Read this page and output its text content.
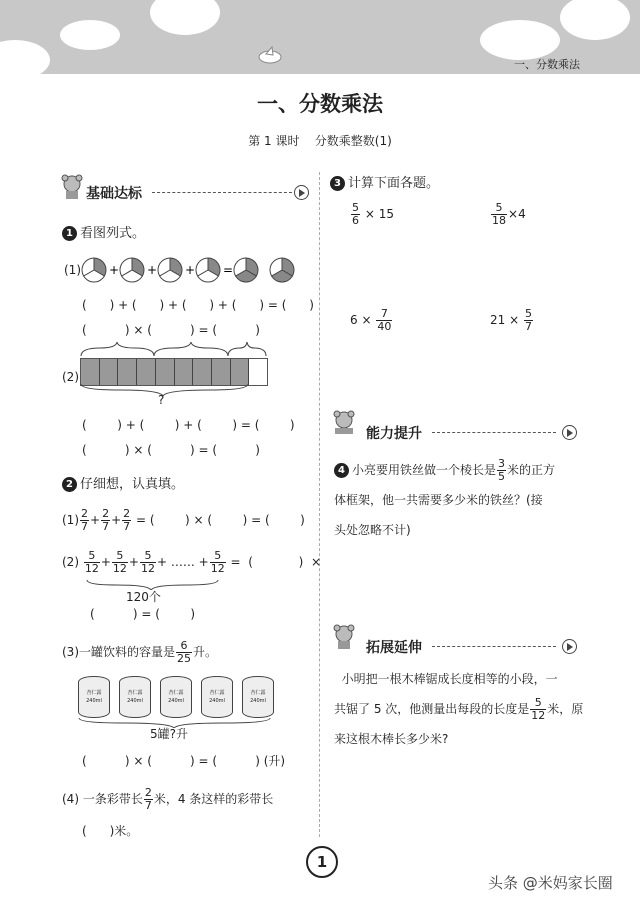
一、分数乘法
一、分数乘法
第 1 课时    分数乘整数(1)
基础达标
1 看图列式。
(1) + + + =
(      ) + (      ) + (      ) + (      ) = (      )
(          ) × (          ) = (          )
(2)
?
(        ) + (        ) + (        ) = (        )
(          ) × (          ) = (          )
2 仔细想，认真填。
$(1) \frac{2}{7} + \frac{2}{7} + \frac{2}{7}$ = (        ) × (        ) = (        )
$(2) \frac{5}{12} + \frac{5}{12} + \frac{5}{12}$ + …… + $\frac{5}{12}$ =  (            )  ×
120个
(          ) = (        )
(3)一罐饮料的容量是 $\frac{6}{25}$ 升。
杏仁露
240ml
杏仁露
240ml
杏仁露
240ml
杏仁露
240ml
杏仁露
240ml
5罐?升
(          ) × (          ) = (          ) (升)
(4) 一条彩带长 $\frac{2}{7}$ 米，4 条这样的彩带长
(      )米。
3 计算下面各题。
$\frac{5}{6} \times 15$	$\frac{5}{18} \times 4$
$6 \times \frac{7}{40}$	$21 \times \frac{5}{7}$
能力提升
4 小亮要用铁丝做一个棱长是 $\frac{3}{5}$ 米的正方
体框架，他一共需要多少米的铁丝？(接
头处忽略不计)
拓展延伸
小明把一根木棒锯成长度相等的小段，一
共锯了 5 次，他测量出每段的长度是 $\frac{5}{12}$ 米，原
来这根木棒长多少米?
1
头条 @米妈家长圈
